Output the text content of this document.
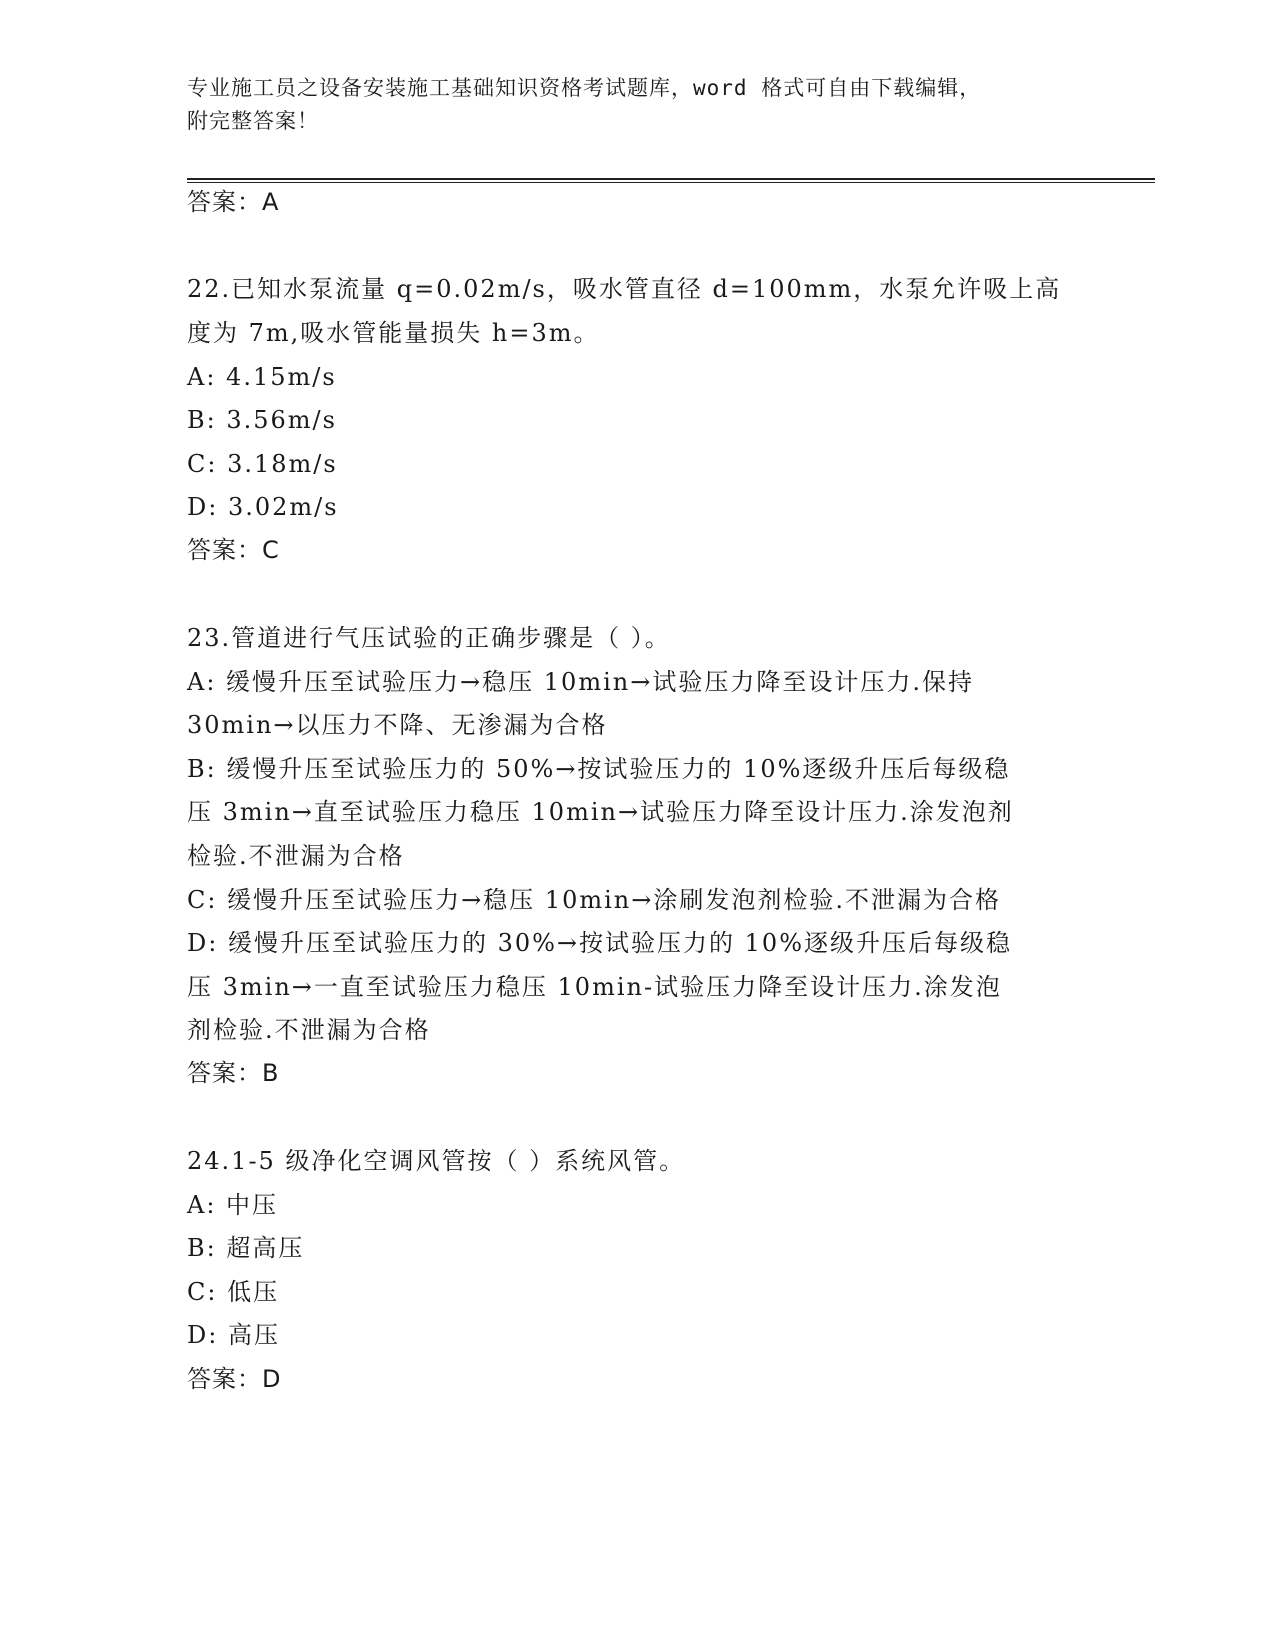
专业施工员之设备安装施工基础知识资格考试题库，word 格式可自由下载编辑，
附完整答案！
答案：A
22.已知水泵流量 q=0.02m/s，吸水管直径 d=100mm，水泵允许吸上高
度为 7m,吸水管能量损失 h=3m。
A: 4.15m/s
B: 3.56m/s
C: 3.18m/s
D: 3.02m/s
答案：C
23.管道进行气压试验的正确步骤是（ ）。
A: 缓慢升压至试验压力→稳压 10min→试验压力降至设计压力.保持
30min→以压力不降、无渗漏为合格
B: 缓慢升压至试验压力的 50%→按试验压力的 10%逐级升压后每级稳
压 3min→直至试验压力稳压 10min→试验压力降至设计压力.涂发泡剂
检验.不泄漏为合格
C: 缓慢升压至试验压力→稳压 10min→涂刷发泡剂检验.不泄漏为合格
D: 缓慢升压至试验压力的 30%→按试验压力的 10%逐级升压后每级稳
压 3min→一直至试验压力稳压 10min-试验压力降至设计压力.涂发泡
剂检验.不泄漏为合格
答案：B
24.1-5 级净化空调风管按（ ）系统风管。
A: 中压
B: 超高压
C: 低压
D: 高压
答案：D
